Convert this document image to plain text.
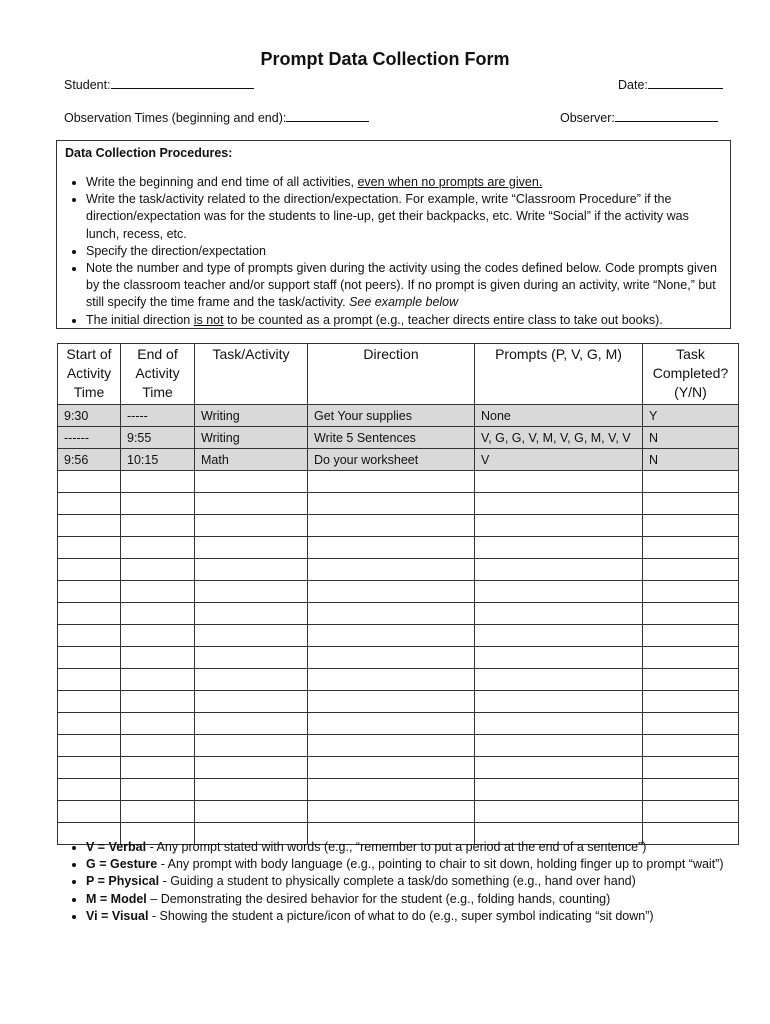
Prompt Data Collection Form
Student:	Date:
Observation Times (beginning and end):	Observer:
Data Collection Procedures:
• Write the beginning and end time of all activities, even when no prompts are given.
• Write the task/activity related to the direction/expectation. For example, write “Classroom Procedure” if the direction/expectation was for the students to line-up, get their backpacks, etc. Write “Social” if the activity was lunch, recess, etc.
• Specify the direction/expectation
• Note the number and type of prompts given during the activity using the codes defined below. Code prompts given by the classroom teacher and/or support staff (not peers). If no prompt is given during an activity, write “None,” but still specify the time frame and the task/activity. See example below
• The initial direction is not to be counted as a prompt (e.g., teacher directs entire class to take out books).
Start of Activity Time	End of Activity Time	Task/Activity	Direction	Prompts (P, V, G, M)	Task Completed? (Y/N)
9:30	-----	Writing	Get Your supplies	None	Y
------	9:55	Writing	Write 5 Sentences	V, G, G, V, M, V, G, M, V, V	N
9:56	10:15	Math	Do your worksheet	V	N

• V = Verbal - Any prompt stated with words (e.g., “remember to put a period at the end of a sentence”)
• G = Gesture - Any prompt with body language (e.g., pointing to chair to sit down, holding finger up to prompt “wait”)
• P = Physical - Guiding a student to physically complete a task/do something (e.g., hand over hand)
• M = Model – Demonstrating the desired behavior for the student (e.g., folding hands, counting)
• Vi = Visual - Showing the student a picture/icon of what to do (e.g., super symbol indicating “sit down”)
